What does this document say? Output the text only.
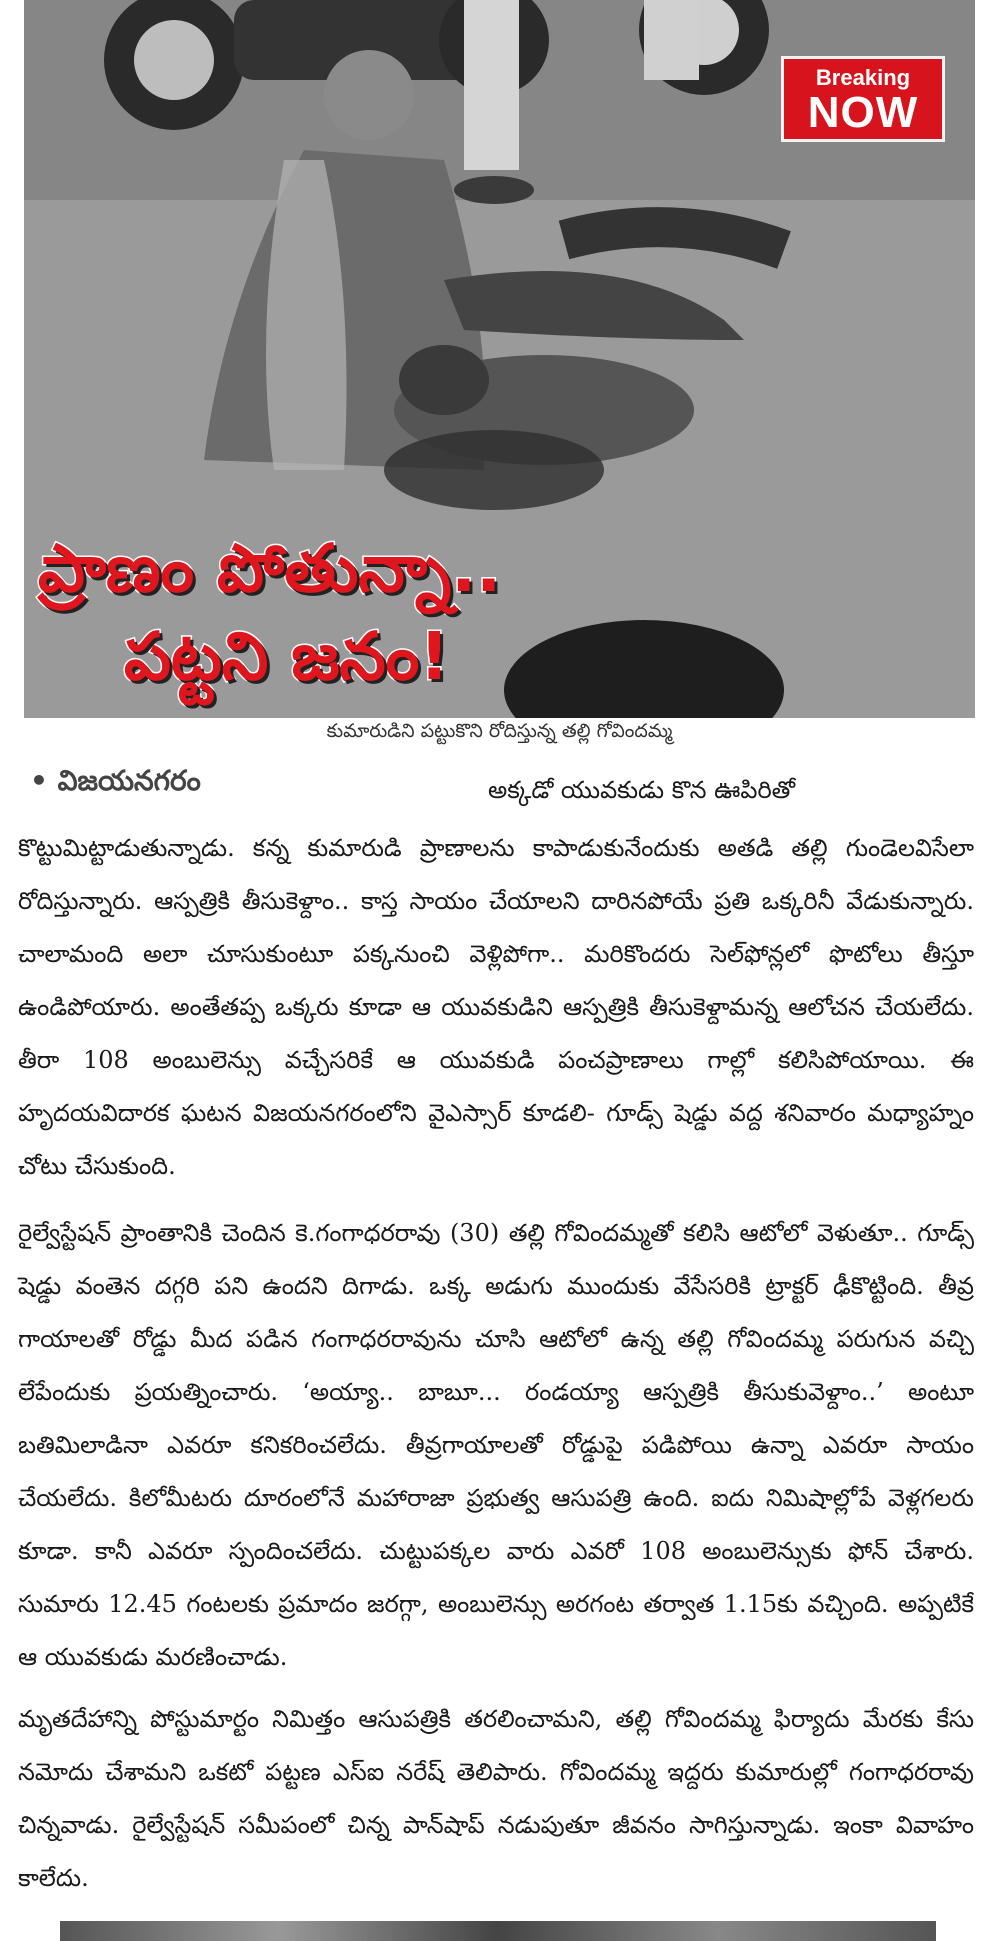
Breaking
NOW
ప్రాణం పోతున్నా..
పట్టని జనం!
కుమారుడిని పట్టుకొని రోదిస్తున్న తల్లి గోవిందమ్మ
• విజయనగరం	అక్కడో యువకుడు కొన ఊపిరితో

కొట్టుమిట్టాడుతున్నాడు. కన్న కుమారుడి ప్రాణాలను కాపాడుకునేందుకు అతడి తల్లి గుండెలవిసేలా రోదిస్తున్నారు. ఆస్పత్రికి తీసుకెళ్దాం.. కాస్త సాయం చేయాలని దారినపోయే ప్రతి ఒక్కరినీ వేడుకున్నారు. చాలామంది అలా చూసుకుంటూ పక్కనుంచి వెళ్లిపోగా.. మరికొందరు సెల్‌ఫోన్లలో ఫొటోలు తీస్తూ ఉండిపోయారు. అంతేతప్ప ఒక్కరు కూడా ఆ యువకుడిని ఆస్పత్రికి తీసుకెళ్దామన్న ఆలోచన చేయలేదు. తీరా 108 అంబులెన్సు వచ్చేసరికే ఆ యువకుడి పంచప్రాణాలు గాల్లో కలిసిపోయాయి. ఈ హృదయవిదారక ఘటన విజయనగరంలోని వైఎస్సార్ కూడలి- గూడ్స్ షెడ్డు వద్ద శనివారం మధ్యాహ్నం చోటు చేసుకుంది.

రైల్వేస్టేషన్ ప్రాంతానికి చెందిన కె.గంగాధరరావు (30) తల్లి గోవిందమ్మతో కలిసి ఆటోలో వెళుతూ.. గూడ్స్ షెడ్డు వంతెన దగ్గరి పని ఉందని దిగాడు. ఒక్క అడుగు ముందుకు వేసేసరికి ట్రాక్టర్ ఢీకొట్టింది. తీవ్ర గాయాలతో రోడ్డు మీద పడిన గంగాధరరావును చూసి ఆటోలో ఉన్న తల్లి గోవిందమ్మ పరుగున వచ్చి లేపేందుకు ప్రయత్నించారు. ‘అయ్యా.. బాబూ... రండయ్యా ఆస్పత్రికి తీసుకువెళ్దాం..’ అంటూ బతిమిలాడినా ఎవరూ కనికరించలేదు. తీవ్రగాయాలతో రోడ్డుపై పడిపోయి ఉన్నా ఎవరూ సాయం చేయలేదు. కిలోమీటరు దూరంలోనే మహారాజా ప్రభుత్వ ఆసుపత్రి ఉంది. ఐదు నిమిషాల్లోపే వెళ్లగలరు కూడా. కానీ ఎవరూ స్పందించలేదు. చుట్టుపక్కల వారు ఎవరో 108 అంబులెన్సుకు ఫోన్ చేశారు. సుమారు 12.45 గంటలకు ప్రమాదం జరగ్గా, అంబులెన్సు అరగంట తర్వాత 1.15కు వచ్చింది. అప్పటికే ఆ యువకుడు మరణించాడు.

మృతదేహాన్ని పోస్టుమార్టం నిమిత్తం ఆసుపత్రికి తరలించామని, తల్లి గోవిందమ్మ ఫిర్యాదు మేరకు కేసు నమోదు చేశామని ఒకటో పట్టణ ఎస్ఐ నరేష్ తెలిపారు. గోవిందమ్మ ఇద్దరు కుమారుల్లో గంగాధరరావు చిన్నవాడు. రైల్వేస్టేషన్ సమీపంలో చిన్న పాన్‌షాప్ నడుపుతూ జీవనం సాగిస్తున్నాడు. ఇంకా వివాహం కాలేదు.
